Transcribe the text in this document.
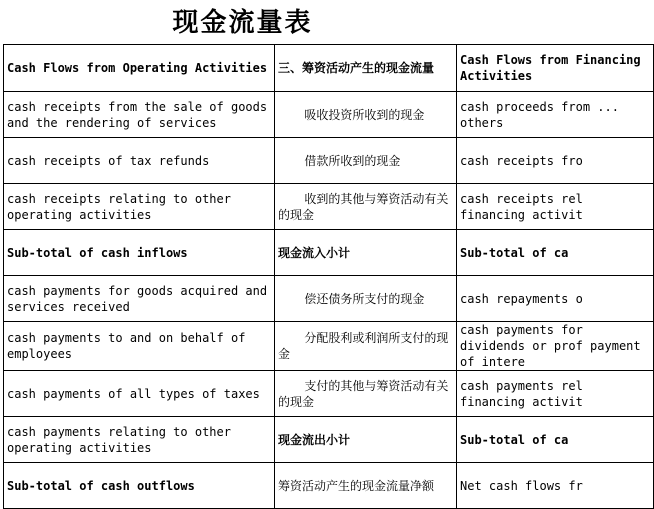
现金流量表
Cash Flows from Operating Activities	三、筹资活动产生的现金流量	Cash Flows from Financing Activities
cash receipts from the sale of goods and the rendering of services	吸收投资所收到的现金	cash proceeds from ... others
cash receipts of tax refunds	借款所收到的现金	cash receipts fro
cash receipts relating to other operating activities	收到的其他与筹资活动有关的现金	cash receipts rel financing activit
Sub-total of cash inflows	现金流入小计	Sub-total of ca
cash payments for goods acquired and services received	偿还债务所支付的现金	cash repayments o
cash payments to and on behalf of employees	分配股利或利润所支付的现金	cash payments for dividends or prof payment of intere
cash payments of all types of taxes	支付的其他与筹资活动有关的现金	cash payments rel financing activit
cash payments relating to other operating activities	现金流出小计	Sub-total of ca
Sub-total of cash outflows	筹资活动产生的现金流量净额	Net cash flows fr
